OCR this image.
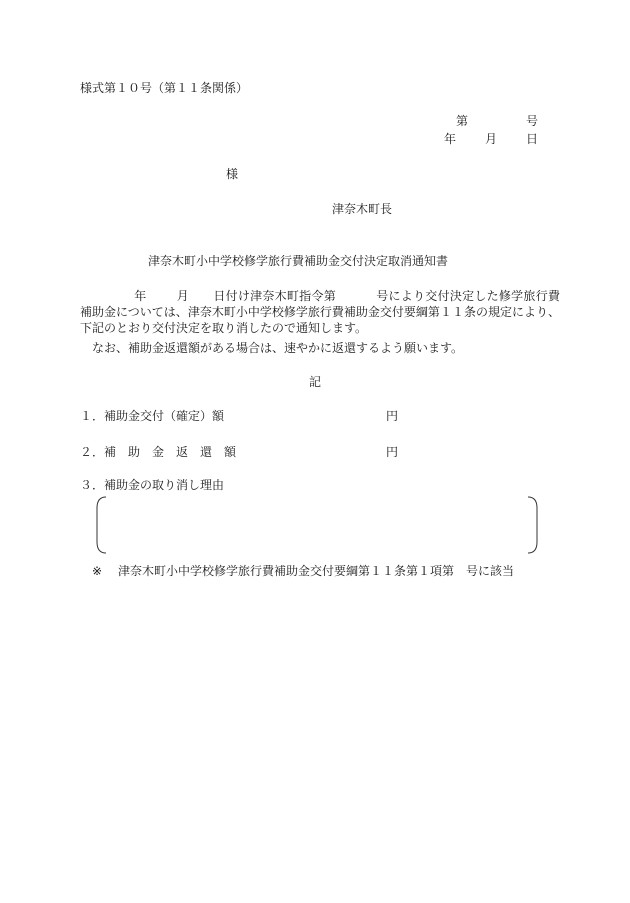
様式第１０号（第１１条関係）
第	号
年 月 日
様
津奈木町長
津奈木町小中学校修学旅行費補助金交付決定取消通知書
年	月 日付け津奈木町指令第	号により交付決定した修学旅行費補助金については、津奈木町小中学校修学旅行費補助金交付要綱第１１条の規定により、下記のとおり交付決定を取り消したので通知します。
なお、補助金返還額がある場合は、速やかに返還するよう願います。
記
１．補助金交付（確定）額	円
２．補　助　金　返　還　額	円
３．補助金の取り消し理由
※	津奈木町小中学校修学旅行費補助金交付要綱第１１条第１項第　号に該当
